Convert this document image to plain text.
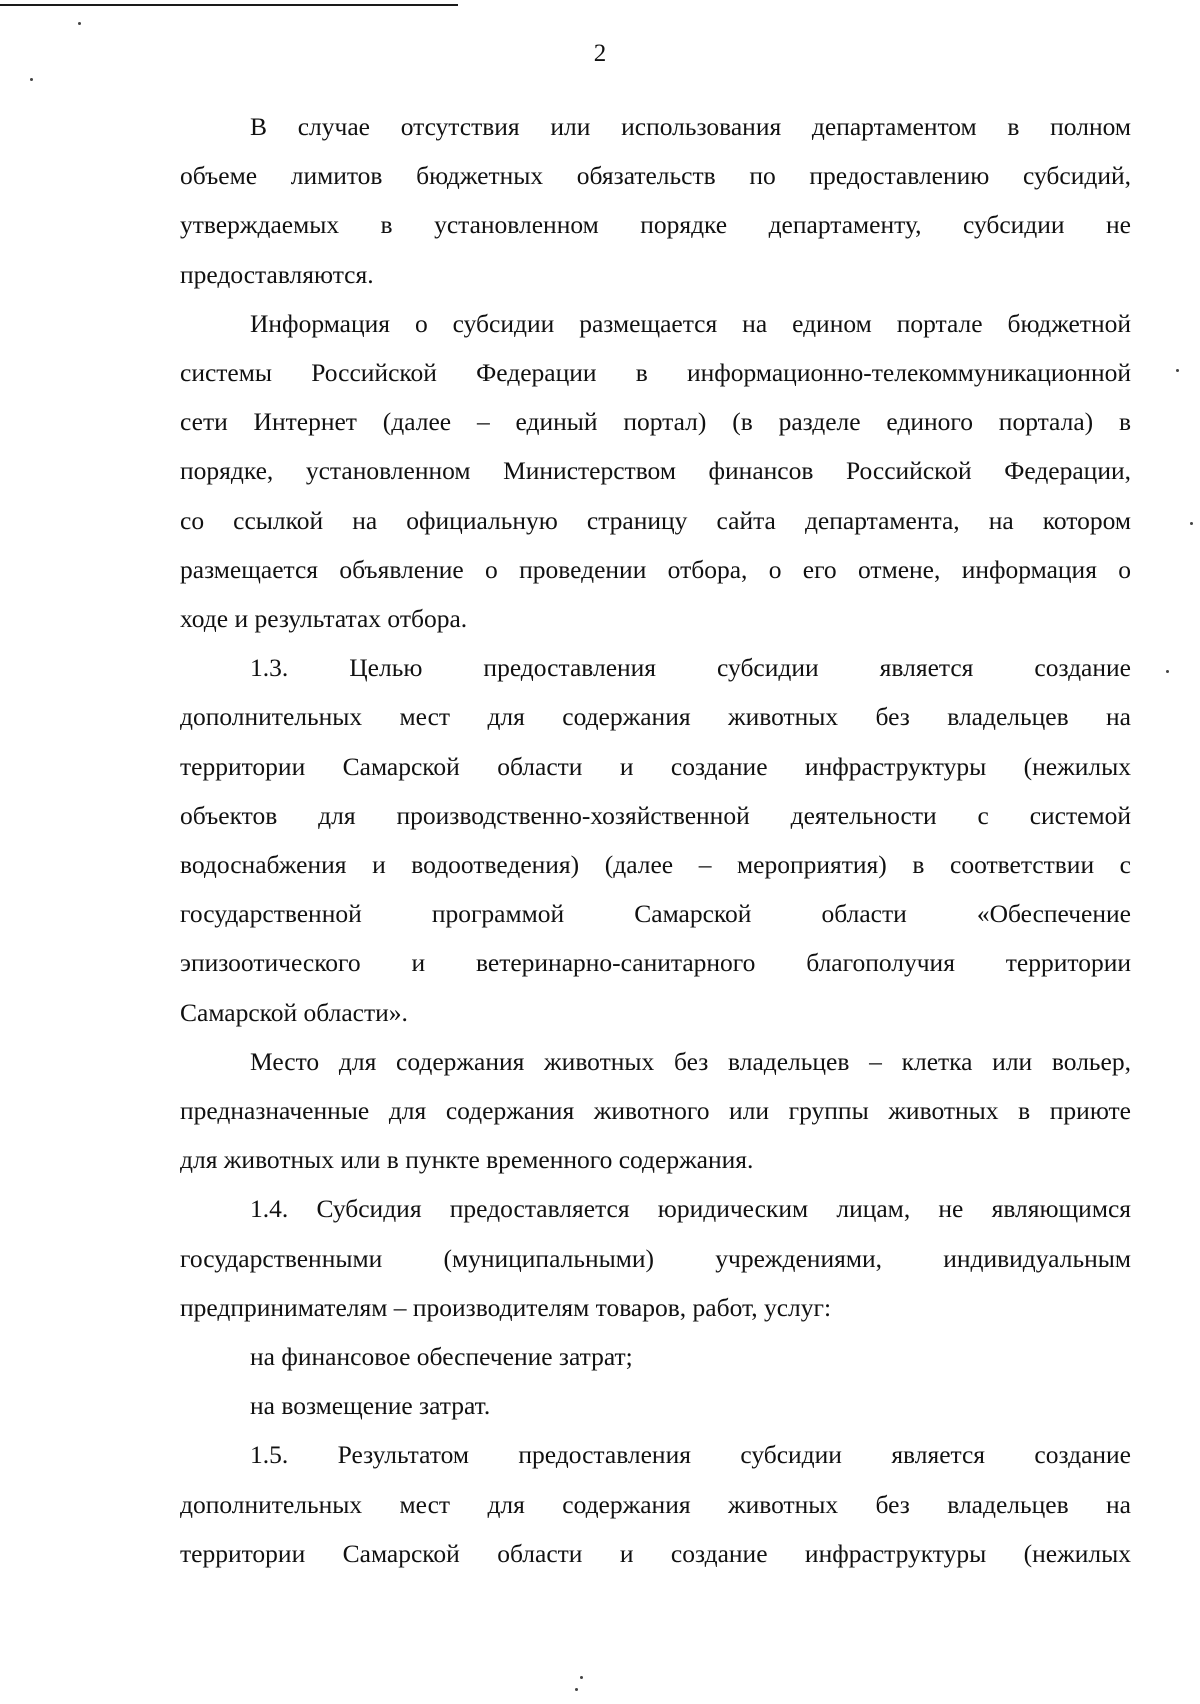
2
В случае отсутствия или использования департаментом в полном
объеме лимитов бюджетных обязательств по предоставлению субсидий,
утверждаемых в установленном порядке департаменту, субсидии не
предоставляются.
Информация о субсидии размещается на едином портале бюджетной
системы Российской Федерации в информационно-телекоммуникационной
сети Интернет (далее – единый портал) (в разделе единого портала) в
порядке, установленном Министерством финансов Российской Федерации,
со ссылкой на официальную страницу сайта департамента, на котором
размещается объявление о проведении отбора, о его отмене, информация о
ходе и результатах отбора.
1.3. Целью предоставления субсидии является создание
дополнительных мест для содержания животных без владельцев на
территории Самарской области и создание инфраструктуры (нежилых
объектов для производственно-хозяйственной деятельности с системой
водоснабжения и водоотведения) (далее – мероприятия) в соответствии с
государственной программой Самарской области «Обеспечение
эпизоотического и ветеринарно-санитарного благополучия территории
Самарской области».
Место для содержания животных без владельцев – клетка или вольер,
предназначенные для содержания животного или группы животных в приюте
для животных или в пункте временного содержания.
1.4. Субсидия предоставляется юридическим лицам, не являющимся
государственными (муниципальными) учреждениями, индивидуальным
предпринимателям – производителям товаров, работ, услуг:
на финансовое обеспечение затрат;
на возмещение затрат.
1.5. Результатом предоставления субсидии является создание
дополнительных мест для содержания животных без владельцев на
территории Самарской области и создание инфраструктуры (нежилых
